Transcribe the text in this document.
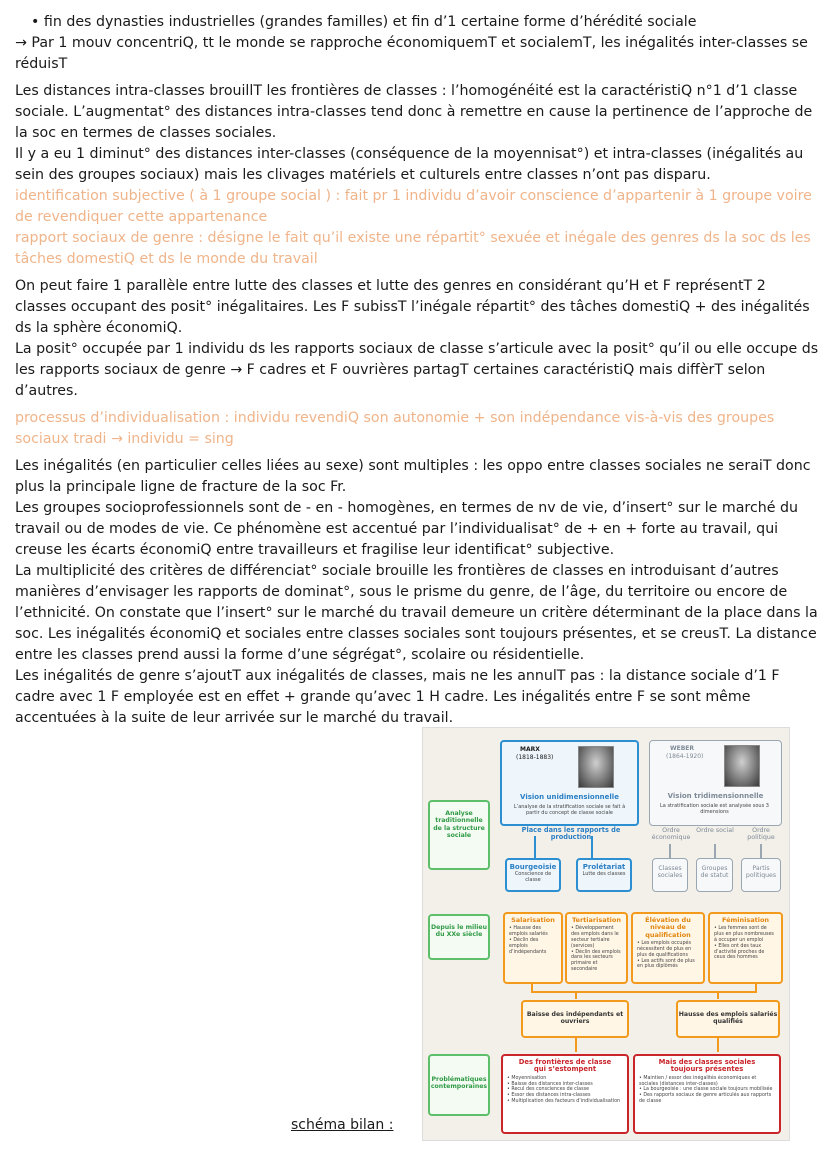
• fin des dynasties industrielles (grandes familles) et fin d’1 certaine forme d’hérédité sociale

→ Par 1 mouv concentriQ, tt le monde se rapproche économiquemT et socialemT, les inégalités inter-classes se réduisT

Les distances intra-classes brouillT les frontières de classes : l’homogénéité est la caractéristiQ n°1 d’1 classe sociale. L’augmentat° des distances intra-classes tend donc à remettre en cause la pertinence de l’approche de la soc en termes de classes sociales.

Il y a eu 1 diminut° des distances inter-classes (conséquence de la moyennisat°) et intra-classes (inégalités au sein des groupes sociaux) mais les clivages matériels et culturels entre classes n’ont pas disparu.

identification subjective ( à 1 groupe social ) : fait pr 1 individu d’avoir conscience d’appartenir à 1 groupe voire de revendiquer cette appartenance

rapport sociaux de genre : désigne le fait qu’il existe une répartit° sexuée et inégale des genres ds la soc ds les tâches domestiQ et ds le monde du travail

On peut faire 1 parallèle entre lutte des classes et lutte des genres en considérant qu’H et F représentT 2 classes occupant des posit° inégalitaires. Les F subissT l’inégale répartit° des tâches domestiQ + des inégalités ds la sphère économiQ.

La posit° occupée par 1 individu ds les rapports sociaux de classe s’articule avec la posit° qu’il ou elle occupe ds les rapports sociaux de genre → F cadres et F ouvrières partagT certaines caractéristiQ mais diffèrT selon d’autres.

processus d’individualisation : individu revendiQ son autonomie + son indépendance vis-à-vis des groupes sociaux tradi → individu = sing

Les inégalités (en particulier celles liées au sexe) sont multiples : les oppo entre classes sociales ne seraiT donc plus la principale ligne de fracture de la soc Fr.

Les groupes socioprofessionnels sont de - en - homogènes, en termes de nv de vie, d’insert° sur le marché du travail ou de modes de vie. Ce phénomène est accentué par l’individualisat° de + en + forte au travail, qui creuse les écarts économiQ entre travailleurs et fragilise leur identificat° subjective.

La multiplicité des critères de différenciat° sociale brouille les frontières de classes en introduisant d’autres manières d’envisager les rapports de dominat°, sous le prisme du genre, de l’âge, du territoire ou encore de l’ethnicité. On constate que l’insert° sur le marché du travail demeure un critère déterminant de la place dans la soc. Les inégalités économiQ et sociales entre classes sociales sont toujours présentes, et se creusT. La distance entre les classes prend aussi la forme d’une ségrégat°, scolaire ou résidentielle.

Les inégalités de genre s’ajoutT aux inégalités de classes, mais ne les annulT pas : la distance sociale d’1 F cadre avec 1 F employée est en effet + grande qu’avec 1 H cadre. Les inégalités entre F se sont même accentuées à la suite de leur arrivée sur le marché du travail.

Analyse traditionnelle de la structure sociale
Depuis le milieu du XXe siècle
Problématiques contemporaines
MARX
(1818-1883)
Vision unidimensionnelle
L’analyse de la stratification sociale se fait à partir du concept de classe sociale
Place dans les rapports de production
Bourgeoisie
Conscience de classe
Prolétariat
Lutte des classes
WEBER
(1864-1920)
Vision tridimensionnelle
La stratification sociale est analysée sous 3 dimensions
Ordre économique
Ordre social	Ordre politique
Classes sociales
Groupes de statut
Partis politiques
Salarisation
• Hausse des emplois salariés
• Déclin des emplois d’indépendants
Tertiarisation
• Développement des emplois dans le secteur tertiaire (services)
• Déclin des emplois dans les secteurs primaire et secondaire
Élévation du niveau de qualification
• Les emplois occupés nécessitent de plus en plus de qualifications
• Les actifs sont de plus en plus diplômés
Féminisation
• Les femmes sont de plus en plus nombreuses à occuper un emploi
• Elles ont des taux d’activité proches de ceux des hommes
Baisse des indépendants et ouvriers
Hausse des emplois salariés qualifiés
Des frontières de classe qui s’estompent
• Moyennisation
• Baisse des distances inter-classes
• Recul des consciences de classe
• Essor des distances intra-classes
• Multiplication des facteurs d’individualisation
Mais des classes sociales toujours présentes
• Maintien / essor des inégalités économiques et sociales (distances inter-classes)
• La bourgeoisie : une classe sociale toujours mobilisée
• Des rapports sociaux de genre articulés aux rapports de classe
schéma bilan :
